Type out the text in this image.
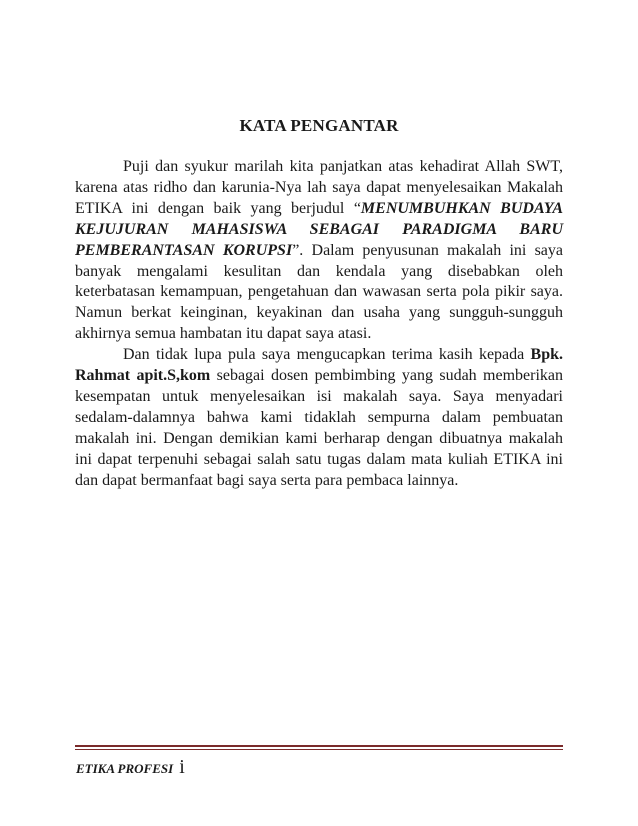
KATA PENGANTAR

Puji dan syukur marilah kita panjatkan atas kehadirat Allah SWT, karena atas ridho dan karunia-Nya lah saya dapat menyelesaikan Makalah ETIKA ini dengan baik yang berjudul “MENUMBUHKAN BUDAYA KEJUJURAN MAHASISWA SEBAGAI PARADIGMA BARU PEMBERANTASAN KORUPSI”. Dalam penyusunan makalah ini saya banyak mengalami kesulitan dan kendala yang disebabkan oleh keterbatasan kemampuan, pengetahuan dan wawasan serta pola pikir saya. Namun berkat keinginan, keyakinan dan usaha yang sungguh-sungguh akhirnya semua hambatan itu dapat saya atasi.

Dan tidak lupa pula saya mengucapkan terima kasih kepada Bpk. Rahmat apit.S,kom sebagai dosen pembimbing yang sudah memberikan kesempatan untuk menyelesaikan isi makalah saya. Saya menyadari sedalam-dalamnya bahwa kami tidaklah sempurna dalam pembuatan makalah ini. Dengan demikian kami berharap dengan dibuatnya makalah ini dapat terpenuhi sebagai salah satu tugas dalam mata kuliah ETIKA ini dan dapat bermanfaat bagi saya serta para pembaca lainnya.

ETIKA PROFESI i
